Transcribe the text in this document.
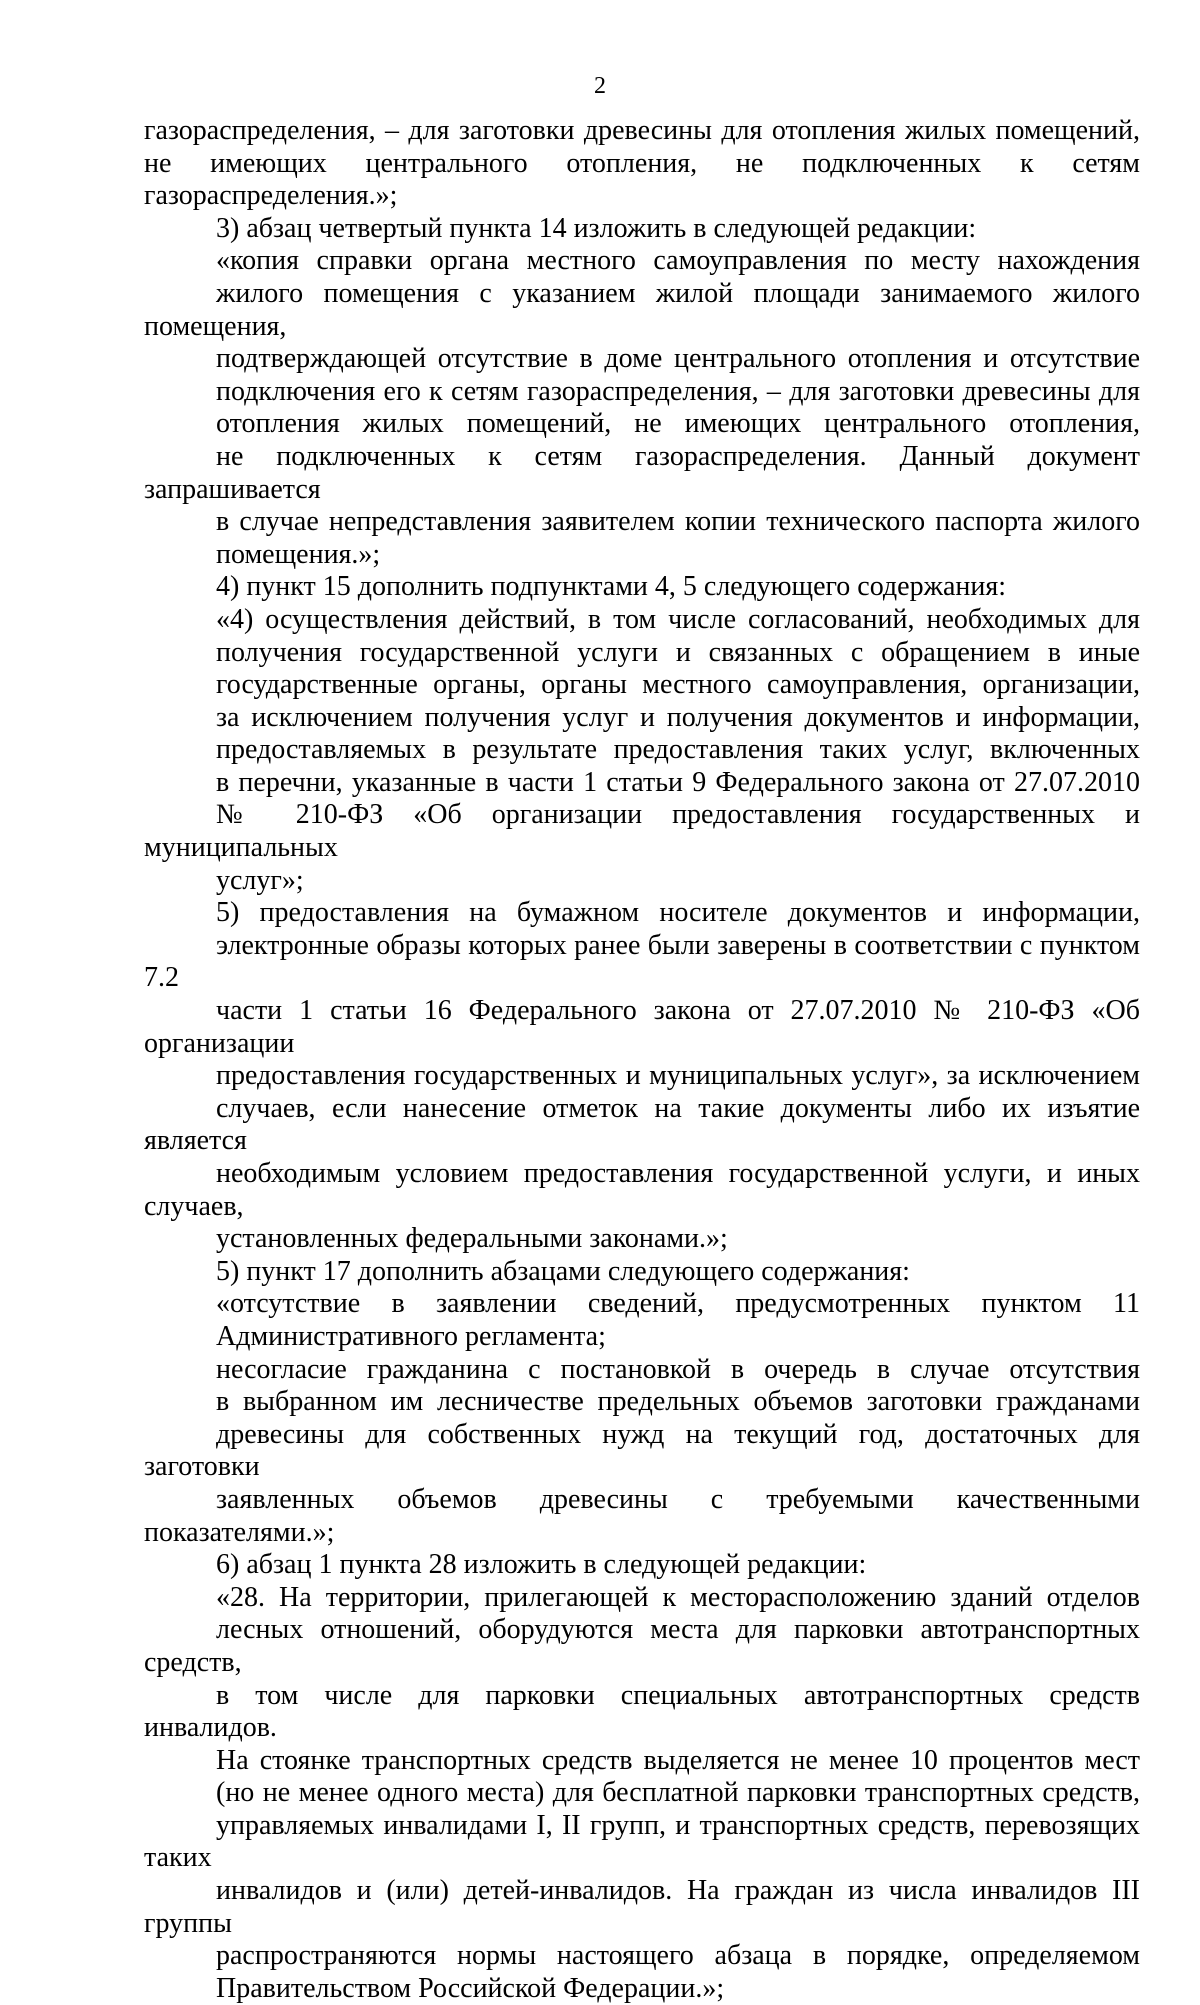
2
газораспределения, – для заготовки древесины для отопления жилых помещений,
не имеющих центрального отопления, не подключенных к сетям
газораспределения.»;
3) абзац четвертый пункта 14 изложить в следующей редакции:
«копия справки органа местного самоуправления по месту нахождения
жилого помещения с указанием жилой площади занимаемого жилого помещения,
подтверждающей отсутствие в доме центрального отопления и отсутствие
подключения его к сетям газораспределения, – для заготовки древесины для
отопления жилых помещений, не имеющих центрального отопления,
не подключенных к сетям газораспределения. Данный документ запрашивается
в случае непредставления заявителем копии технического паспорта жилого
помещения.»;
4) пункт 15 дополнить подпунктами 4, 5 следующего содержания:
«4) осуществления действий, в том числе согласований, необходимых для
получения государственной услуги и связанных с обращением в иные
государственные органы, органы местного самоуправления, организации,
за исключением получения услуг и получения документов и информации,
предоставляемых в результате предоставления таких услуг, включенных
в перечни, указанные в части 1 статьи 9 Федерального закона от 27.07.2010
№ 210-ФЗ «Об организации предоставления государственных и муниципальных
услуг»;
5) предоставления на бумажном носителе документов и информации,
электронные образы которых ранее были заверены в соответствии с пунктом 7.2
части 1 статьи 16 Федерального закона от 27.07.2010 № 210-ФЗ «Об организации
предоставления государственных и муниципальных услуг», за исключением
случаев, если нанесение отметок на такие документы либо их изъятие является
необходимым условием предоставления государственной услуги, и иных случаев,
установленных федеральными законами.»;
5) пункт 17 дополнить абзацами следующего содержания:
«отсутствие в заявлении сведений, предусмотренных пунктом 11
Административного регламента;
несогласие гражданина с постановкой в очередь в случае отсутствия
в выбранном им лесничестве предельных объемов заготовки гражданами
древесины для собственных нужд на текущий год, достаточных для заготовки
заявленных объемов древесины с требуемыми качественными показателями.»;
6) абзац 1 пункта 28 изложить в следующей редакции:
«28. На территории, прилегающей к месторасположению зданий отделов
лесных отношений, оборудуются места для парковки автотранспортных средств,
в том числе для парковки специальных автотранспортных средств инвалидов.
На стоянке транспортных средств выделяется не менее 10 процентов мест
(но не менее одного места) для бесплатной парковки транспортных средств,
управляемых инвалидами I, II групп, и транспортных средств, перевозящих таких
инвалидов и (или) детей-инвалидов. На граждан из числа инвалидов III группы
распространяются нормы настоящего абзаца в порядке, определяемом
Правительством Российской Федерации.»;
